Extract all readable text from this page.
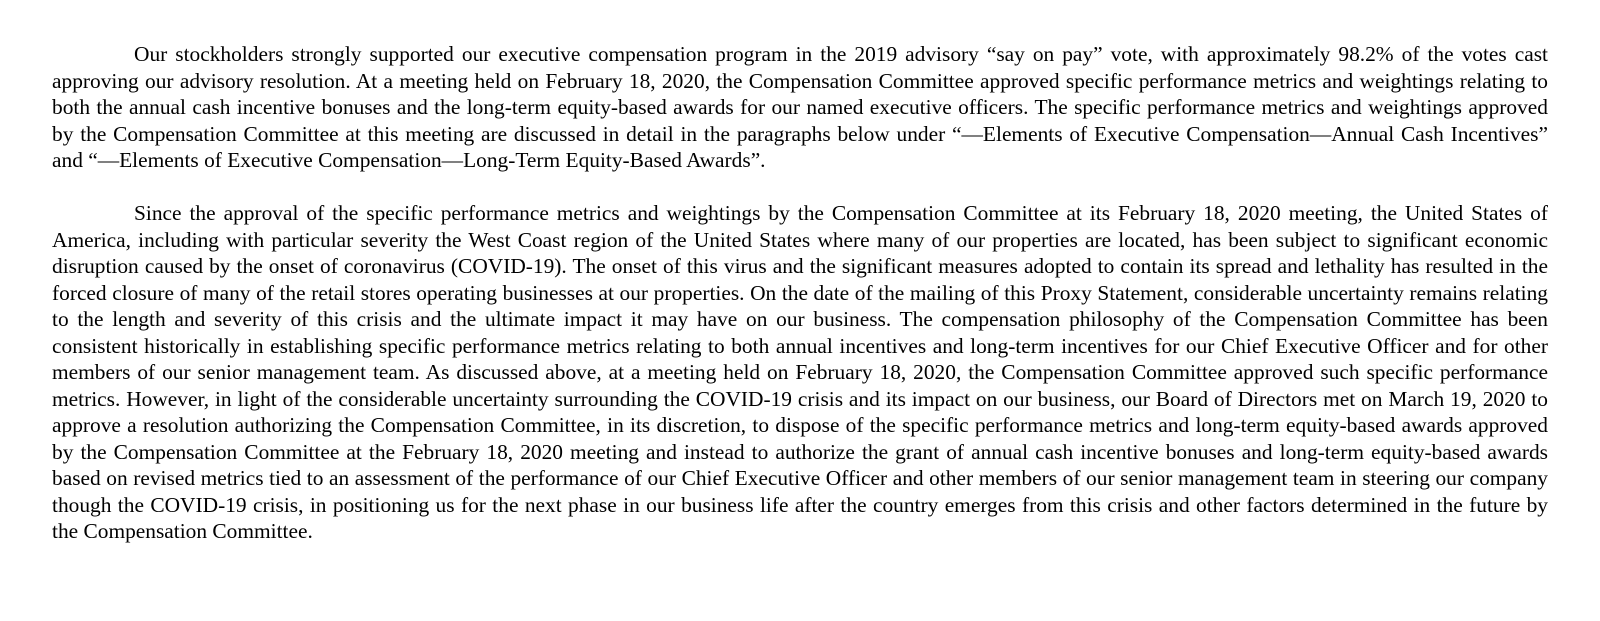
Our stockholders strongly supported our executive compensation program in the 2019 advisory “say on pay” vote, with approximately 98.2% of the votes cast approving our advisory resolution. At a meeting held on February 18, 2020, the Compensation Committee approved specific performance metrics and weightings relating to both the annual cash incentive bonuses and the long-term equity-based awards for our named executive officers. The specific performance metrics and weightings approved by the Compensation Committee at this meeting are discussed in detail in the paragraphs below under “—Elements of Executive Compensation—Annual Cash Incentives” and “—Elements of Executive Compensation—Long-Term Equity-Based Awards”.

Since the approval of the specific performance metrics and weightings by the Compensation Committee at its February 18, 2020 meeting, the United States of America, including with particular severity the West Coast region of the United States where many of our properties are located, has been subject to significant economic disruption caused by the onset of coronavirus (COVID-19). The onset of this virus and the significant measures adopted to contain its spread and lethality has resulted in the forced closure of many of the retail stores operating businesses at our properties. On the date of the mailing of this Proxy Statement, considerable uncertainty remains relating to the length and severity of this crisis and the ultimate impact it may have on our business. The compensation philosophy of the Compensation Committee has been consistent historically in establishing specific performance metrics relating to both annual incentives and long-term incentives for our Chief Executive Officer and for other members of our senior management team. As discussed above, at a meeting held on February 18, 2020, the Compensation Committee approved such specific performance metrics. However, in light of the considerable uncertainty surrounding the COVID-19 crisis and its impact on our business, our Board of Directors met on March 19, 2020 to approve a resolution authorizing the Compensation Committee, in its discretion, to dispose of the specific performance metrics and long-term equity-based awards approved by the Compensation Committee at the February 18, 2020 meeting and instead to authorize the grant of annual cash incentive bonuses and long-term equity-based awards based on revised metrics tied to an assessment of the performance of our Chief Executive Officer and other members of our senior management team in steering our company though the COVID-19 crisis, in positioning us for the next phase in our business life after the country emerges from this crisis and other factors determined in the future by the Compensation Committee.
